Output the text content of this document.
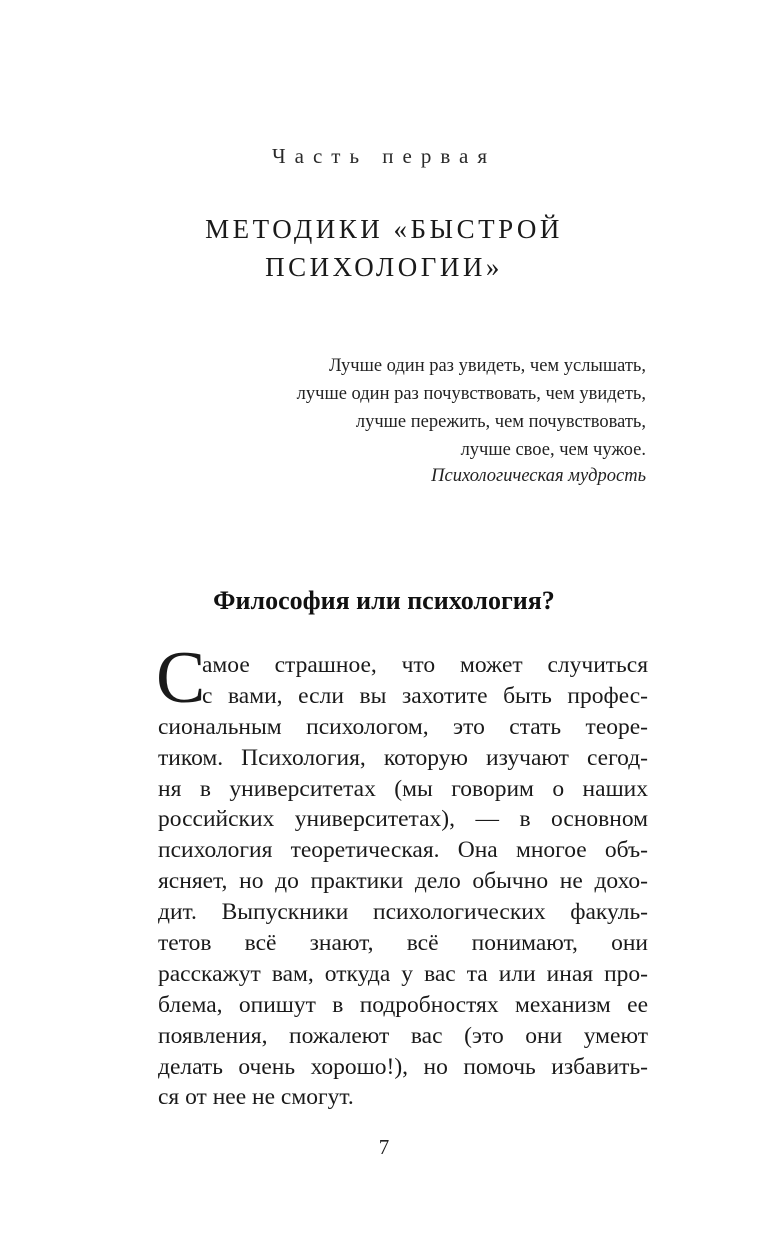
Часть первая
МЕТОДИКИ «БЫСТРОЙ
ПСИХОЛОГИИ»
Лучше один раз увидеть, чем услышать,
лучше один раз почувствовать, чем увидеть,
лучше пережить, чем почувствовать,
лучше свое, чем чужое.
Психологическая мудрость
Философия или психология?
С
амое страшное, что может случиться
с вами, если вы захотите быть профес-
сиональным психологом, это стать теоре-
тиком. Психология, которую изучают сегод-
ня в университетах (мы говорим о наших
российских университетах), — в основном
психология теоретическая. Она многое объ-
ясняет, но до практики дело обычно не дохо-
дит. Выпускники психологических факуль-
тетов всё знают, всё понимают, они
расскажут вам, откуда у вас та или иная про-
блема, опишут в подробностях механизм ее
появления, пожалеют вас (это они умеют
делать очень хорошо!), но помочь избавить-
ся от нее не смогут.
7
